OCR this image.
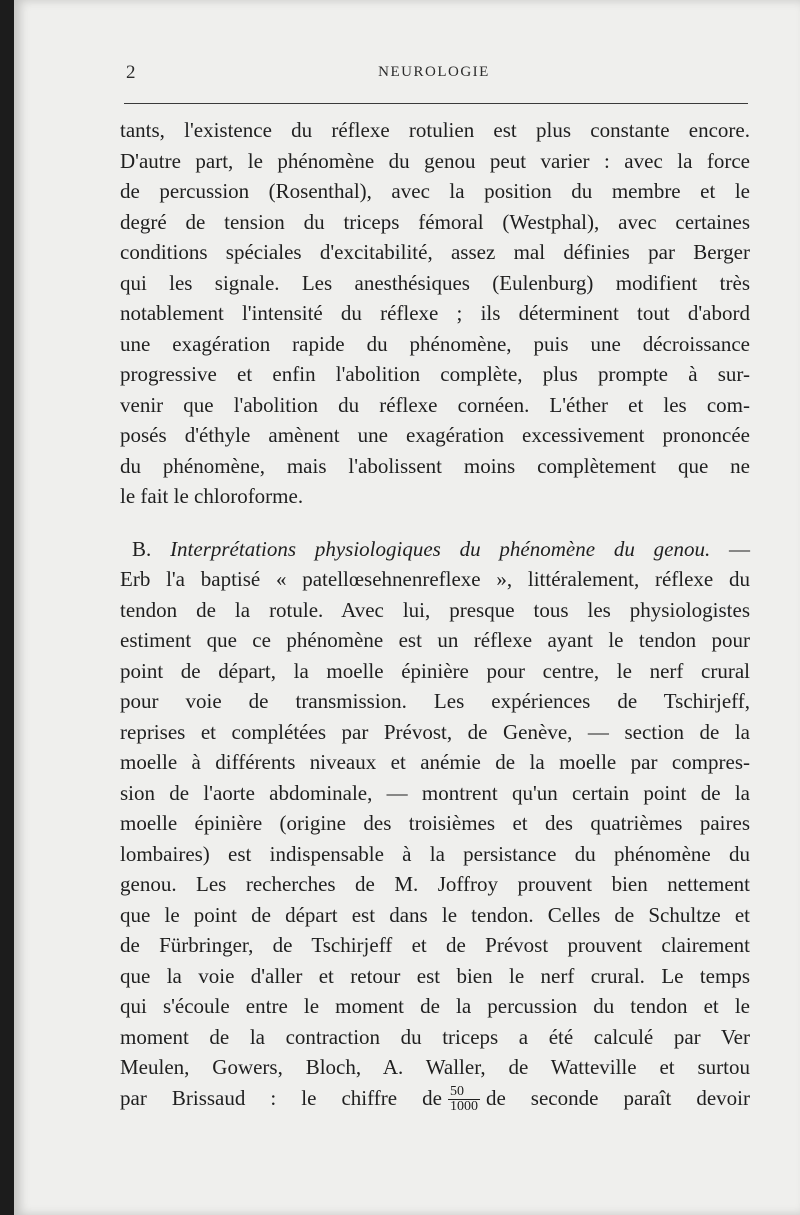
2	NEUROLOGIE
tants, l'existence du réflexe rotulien est plus constante encore.
D'autre part, le phénomène du genou peut varier : avec la force
de percussion (Rosenthal), avec la position du membre et le
degré de tension du triceps fémoral (Westphal), avec certaines
conditions spéciales d'excitabilité, assez mal définies par Berger
qui les signale. Les anesthésiques (Eulenburg) modifient très
notablement l'intensité du réflexe ; ils déterminent tout d'abord
une exagération rapide du phénomène, puis une décroissance
progressive et enfin l'abolition complète, plus prompte à sur-
venir que l'abolition du réflexe cornéen. L'éther et les com-
posés d'éthyle amènent une exagération excessivement prononcée
du phénomène, mais l'abolissent moins complètement que ne
le fait le chloroforme.
B. Interprétations physiologiques du phénomène du genou. —
Erb l'a baptisé « patellœsehnenreflexe », littéralement, réflexe du
tendon de la rotule. Avec lui, presque tous les physiologistes
estiment que ce phénomène est un réflexe ayant le tendon pour
point de départ, la moelle épinière pour centre, le nerf crural
pour voie de transmission. Les expériences de Tschirjeff,
reprises et complétées par Prévost, de Genève, — section de la
moelle à différents niveaux et anémie de la moelle par compres-
sion de l'aorte abdominale, — montrent qu'un certain point de la
moelle épinière (origine des troisièmes et des quatrièmes paires
lombaires) est indispensable à la persistance du phénomène du
genou. Les recherches de M. Joffroy prouvent bien nettement
que le point de départ est dans le tendon. Celles de Schultze et
de Fürbringer, de Tschirjeff et de Prévost prouvent clairement
que la voie d'aller et retour est bien le nerf crural. Le temps
qui s'écoule entre le moment de la percussion du tendon et le
moment de la contraction du triceps a été calculé par Ver
Meulen, Gowers, Bloch, A. Waller, de Watteville et surtou
par Brissaud : le chiffre de $\frac{50}{1000}$ de seconde paraît devoir
